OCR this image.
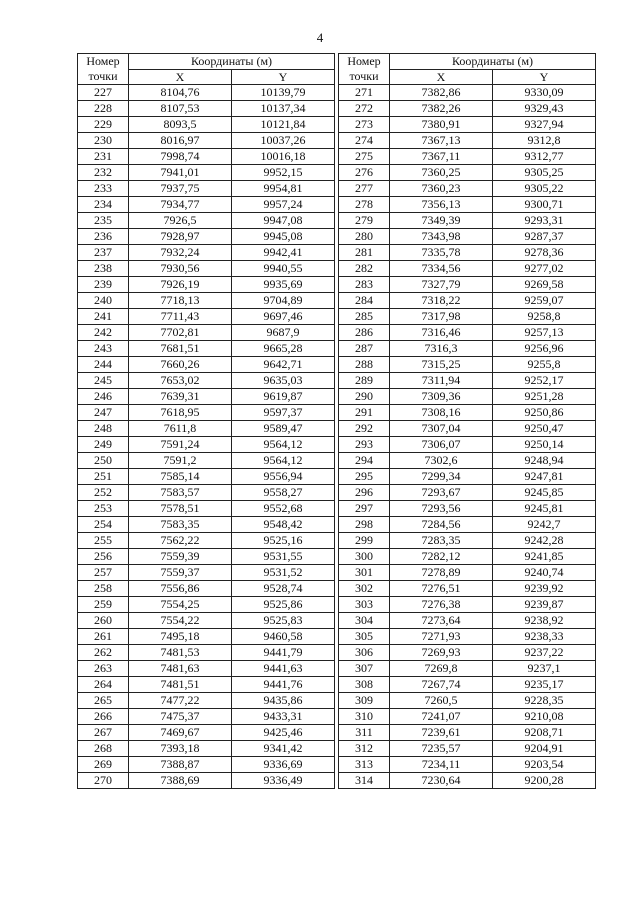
4
Номер
точки	Координаты (м)	
	X	Y
227	8104,76	10139,79
228	8107,53	10137,34
229	8093,5	10121,84
230	8016,97	10037,26
231	7998,74	10016,18
232	7941,01	9952,15
233	7937,75	9954,81
234	7934,77	9957,24
235	7926,5	9947,08
236	7928,97	9945,08
237	7932,24	9942,41
238	7930,56	9940,55
239	7926,19	9935,69
240	7718,13	9704,89
241	7711,43	9697,46
242	7702,81	9687,9
243	7681,51	9665,28
244	7660,26	9642,71
245	7653,02	9635,03
246	7639,31	9619,87
247	7618,95	9597,37
248	7611,8	9589,47
249	7591,24	9564,12
250	7591,2	9564,12
251	7585,14	9556,94
252	7583,57	9558,27
253	7578,51	9552,68
254	7583,35	9548,42
255	7562,22	9525,16
256	7559,39	9531,55
257	7559,37	9531,52
258	7556,86	9528,74
259	7554,25	9525,86
260	7554,22	9525,83
261	7495,18	9460,58
262	7481,53	9441,79
263	7481,63	9441,63
264	7481,51	9441,76
265	7477,22	9435,86
266	7475,37	9433,31
267	7469,67	9425,46
268	7393,18	9341,42
269	7388,87	9336,69
270	7388,69	9336,49
Номер
точки	Координаты (м)	
	X	Y
271	7382,86	9330,09
272	7382,26	9329,43
273	7380,91	9327,94
274	7367,13	9312,8
275	7367,11	9312,77
276	7360,25	9305,25
277	7360,23	9305,22
278	7356,13	9300,71
279	7349,39	9293,31
280	7343,98	9287,37
281	7335,78	9278,36
282	7334,56	9277,02
283	7327,79	9269,58
284	7318,22	9259,07
285	7317,98	9258,8
286	7316,46	9257,13
287	7316,3	9256,96
288	7315,25	9255,8
289	7311,94	9252,17
290	7309,36	9251,28
291	7308,16	9250,86
292	7307,04	9250,47
293	7306,07	9250,14
294	7302,6	9248,94
295	7299,34	9247,81
296	7293,67	9245,85
297	7293,56	9245,81
298	7284,56	9242,7
299	7283,35	9242,28
300	7282,12	9241,85
301	7278,89	9240,74
302	7276,51	9239,92
303	7276,38	9239,87
304	7273,64	9238,92
305	7271,93	9238,33
306	7269,93	9237,22
307	7269,8	9237,1
308	7267,74	9235,17
309	7260,5	9228,35
310	7241,07	9210,08
311	7239,61	9208,71
312	7235,57	9204,91
313	7234,11	9203,54
314	7230,64	9200,28
